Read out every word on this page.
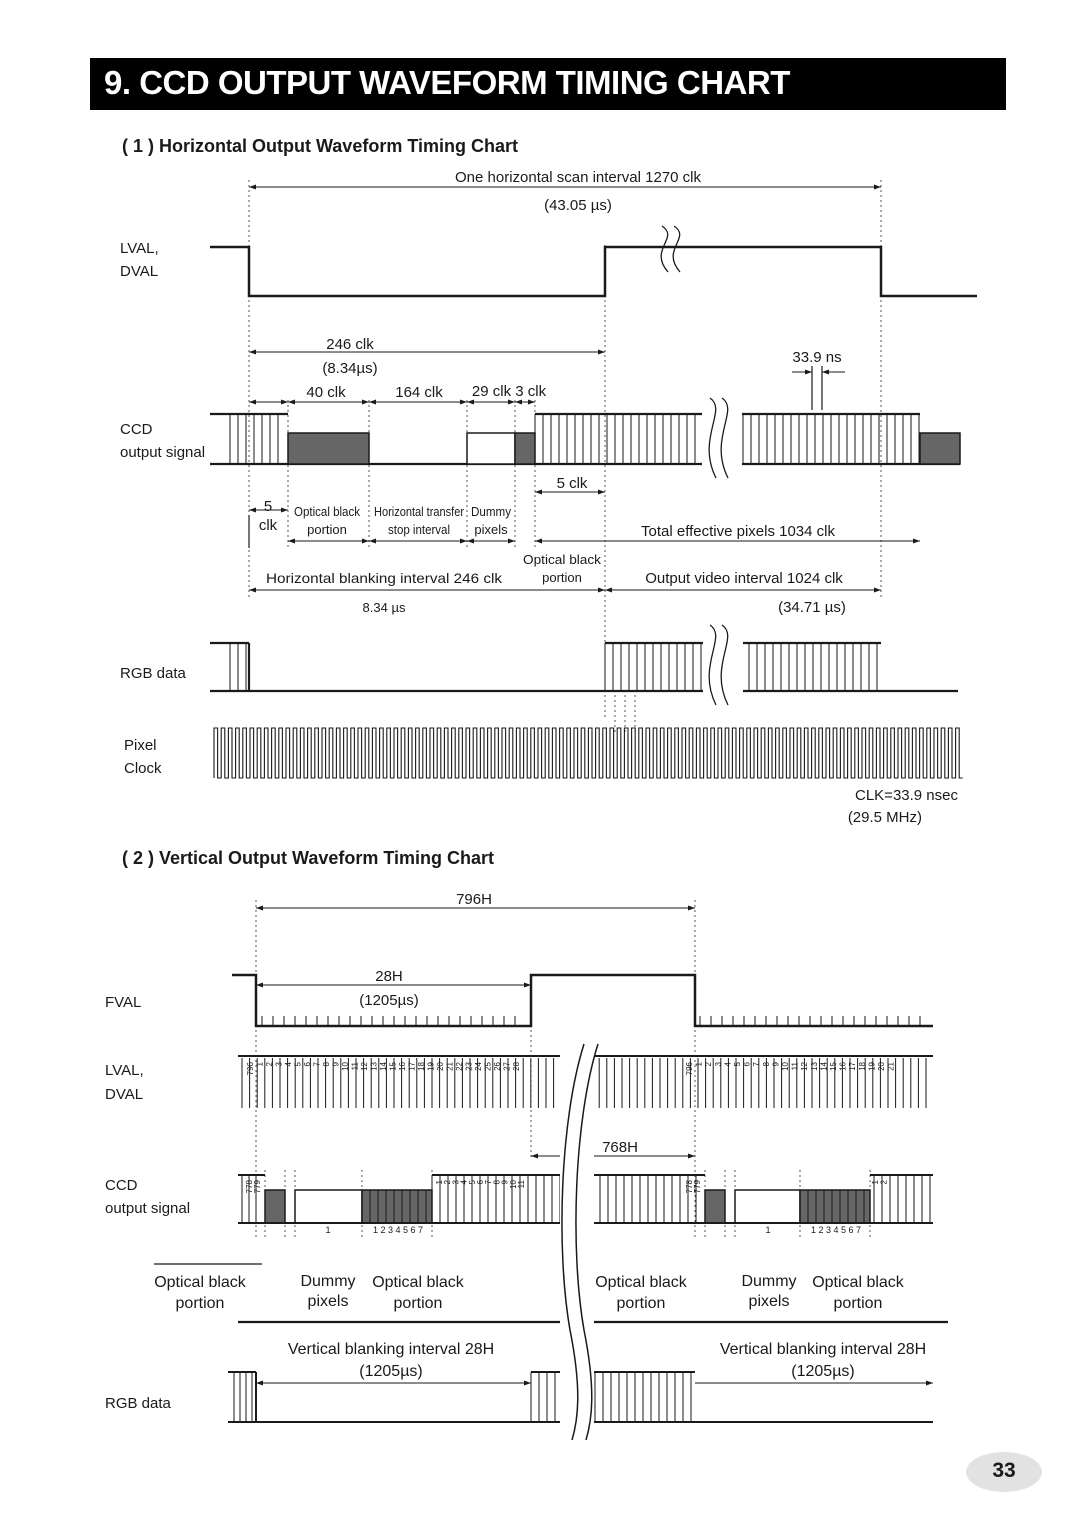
9. CCD OUTPUT WAVEFORM TIMING CHART
( 1 ) Horizontal Output Waveform Timing Chart
( 2 ) Vertical Output Waveform Timing Chart
One horizontal scan interval 1270 clk
(43.05 µs)
LVAL,
DVAL
246 clk
(8.34µs)
40 clk	164 clk 29 clk 3 clk
33.9 ns
CCD
output signal
5 clk
5
clk
Optical black
portion
Horizontal transfer
stop interval
Dummy
pixels	Total effective pixels 1034 clk
Optical black
portion
Horizontal blanking interval 246 clk	Output video interval 1024 clk
8.34 µs	(34.71 µs)
RGB data
Pixel
Clock
CLK=33.9 nsec
(29.5 MHz)
796H
28H
(1205µs)
FVAL
LVAL,
DVAL
796 1 2 3 4 5 6 7 8 9 10 11 12 13 14 15 16 17 18 19 20 21 22 23 24 25 26 27 28	796 1 2 3 4 5 6 7 8 9 10 11 12 13 14 15 16 17 18 19 20 21
768H
CCD
output signal
778 779	1 2 3 4 5 6 7 8 9 10 11	778 779	1 2
1	1 2 3 4 5 6 7	1	1 2 3 4 5 6 7
Optical black
portion
Dummy
pixels
Optical black
portion
Optical black
portion
Dummy
pixels
Optical black
portion
Vertical blanking interval 28H
(1205µs)
Vertical blanking interval 28H
(1205µs)
RGB data
33
